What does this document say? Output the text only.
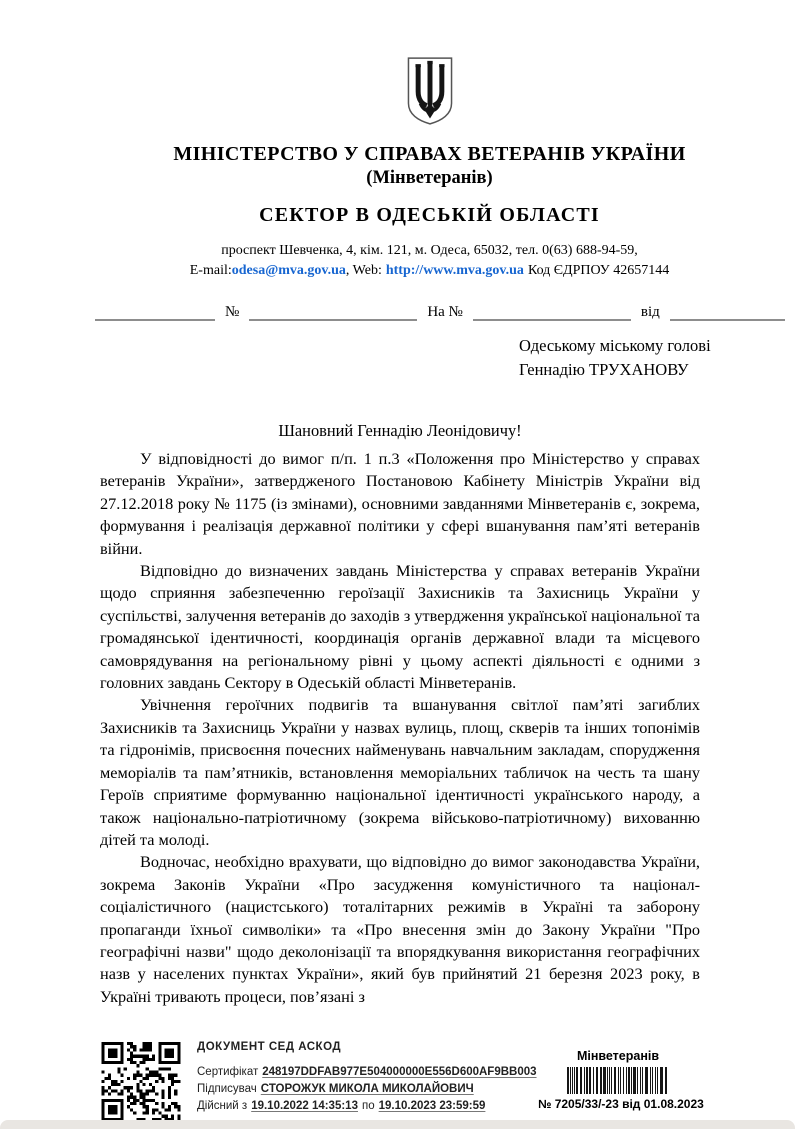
МІНІСТЕРСТВО У СПРАВАХ ВЕТЕРАНІВ УКРАЇНИ
(Мінветеранів)
СЕКТОР В ОДЕСЬКІЙ ОБЛАСТІ
проспект Шевченка, 4, кім. 121, м. Одеса, 65032, тел. 0(63) 688-94-59,
E-mail:odesa@mva.gov.ua, Web: http://www.mva.gov.ua Код ЄДРПОУ 42657144
№	На №	від
Одеському міському голові
Геннадію ТРУХАНОВУ
Шановний Геннадію Леонідовичу!

У відповідності до вимог п/п. 1 п.3 «Положення про Міністерство у справах ветеранів України», затвердженого Постановою Кабінету Міністрів України від 27.12.2018 року № 1175 (із змінами), основними завданнями Мінветеранів є, зокрема, формування і реалізація державної політики у сфері вшанування пам’яті ветеранів війни.

Відповідно до визначених завдань Міністерства у справах ветеранів України щодо сприяння забезпеченню героїзації Захисників та Захисниць України у суспільстві, залучення ветеранів до заходів з утвердження української національної та громадянської ідентичності, координація органів державної влади та місцевого самоврядування на регіональному рівні у цьому аспекті діяльності є одними з головних завдань Сектору в Одеській області Мінветеранів.

Увічнення героїчних подвигів та вшанування світлої пам’яті загиблих Захисників та Захисниць України у назвах вулиць, площ, скверів та інших топонімів та гідронімів, присвоєння почесних найменувань навчальним закладам, спорудження меморіалів та пам’ятників, встановлення меморіальних табличок на честь та шану Героїв сприятиме формуванню національної ідентичності українського народу, а також національно-патріотичному (зокрема військово-патріотичному) вихованню дітей та молоді.

Водночас, необхідно врахувати, що відповідно до вимог законодавства України, зокрема Законів України «Про засудження комуністичного та націонал-соціалістичного (нацистського) тоталітарних режимів в Україні та заборону пропаганди їхньої символіки» та «Про внесення змін до Закону України "Про географічні назви" щодо деколонізації та впорядкування використання географічних назв у населених пунктах України», який був прийнятий 21 березня 2023 року, в Україні тривають процеси, пов’язані з

ДОКУМЕНТ СЕД АСКОД
Сертифікат 248197DDFAB977E504000000E556D600AF9BB003
Підписувач СТОРОЖУК МИКОЛА МИКОЛАЙОВИЧ
Дійсний з 19.10.2022 14:35:13 по 19.10.2023 23:59:59
Мінветеранів
№ 7205/33/-23 від 01.08.2023
